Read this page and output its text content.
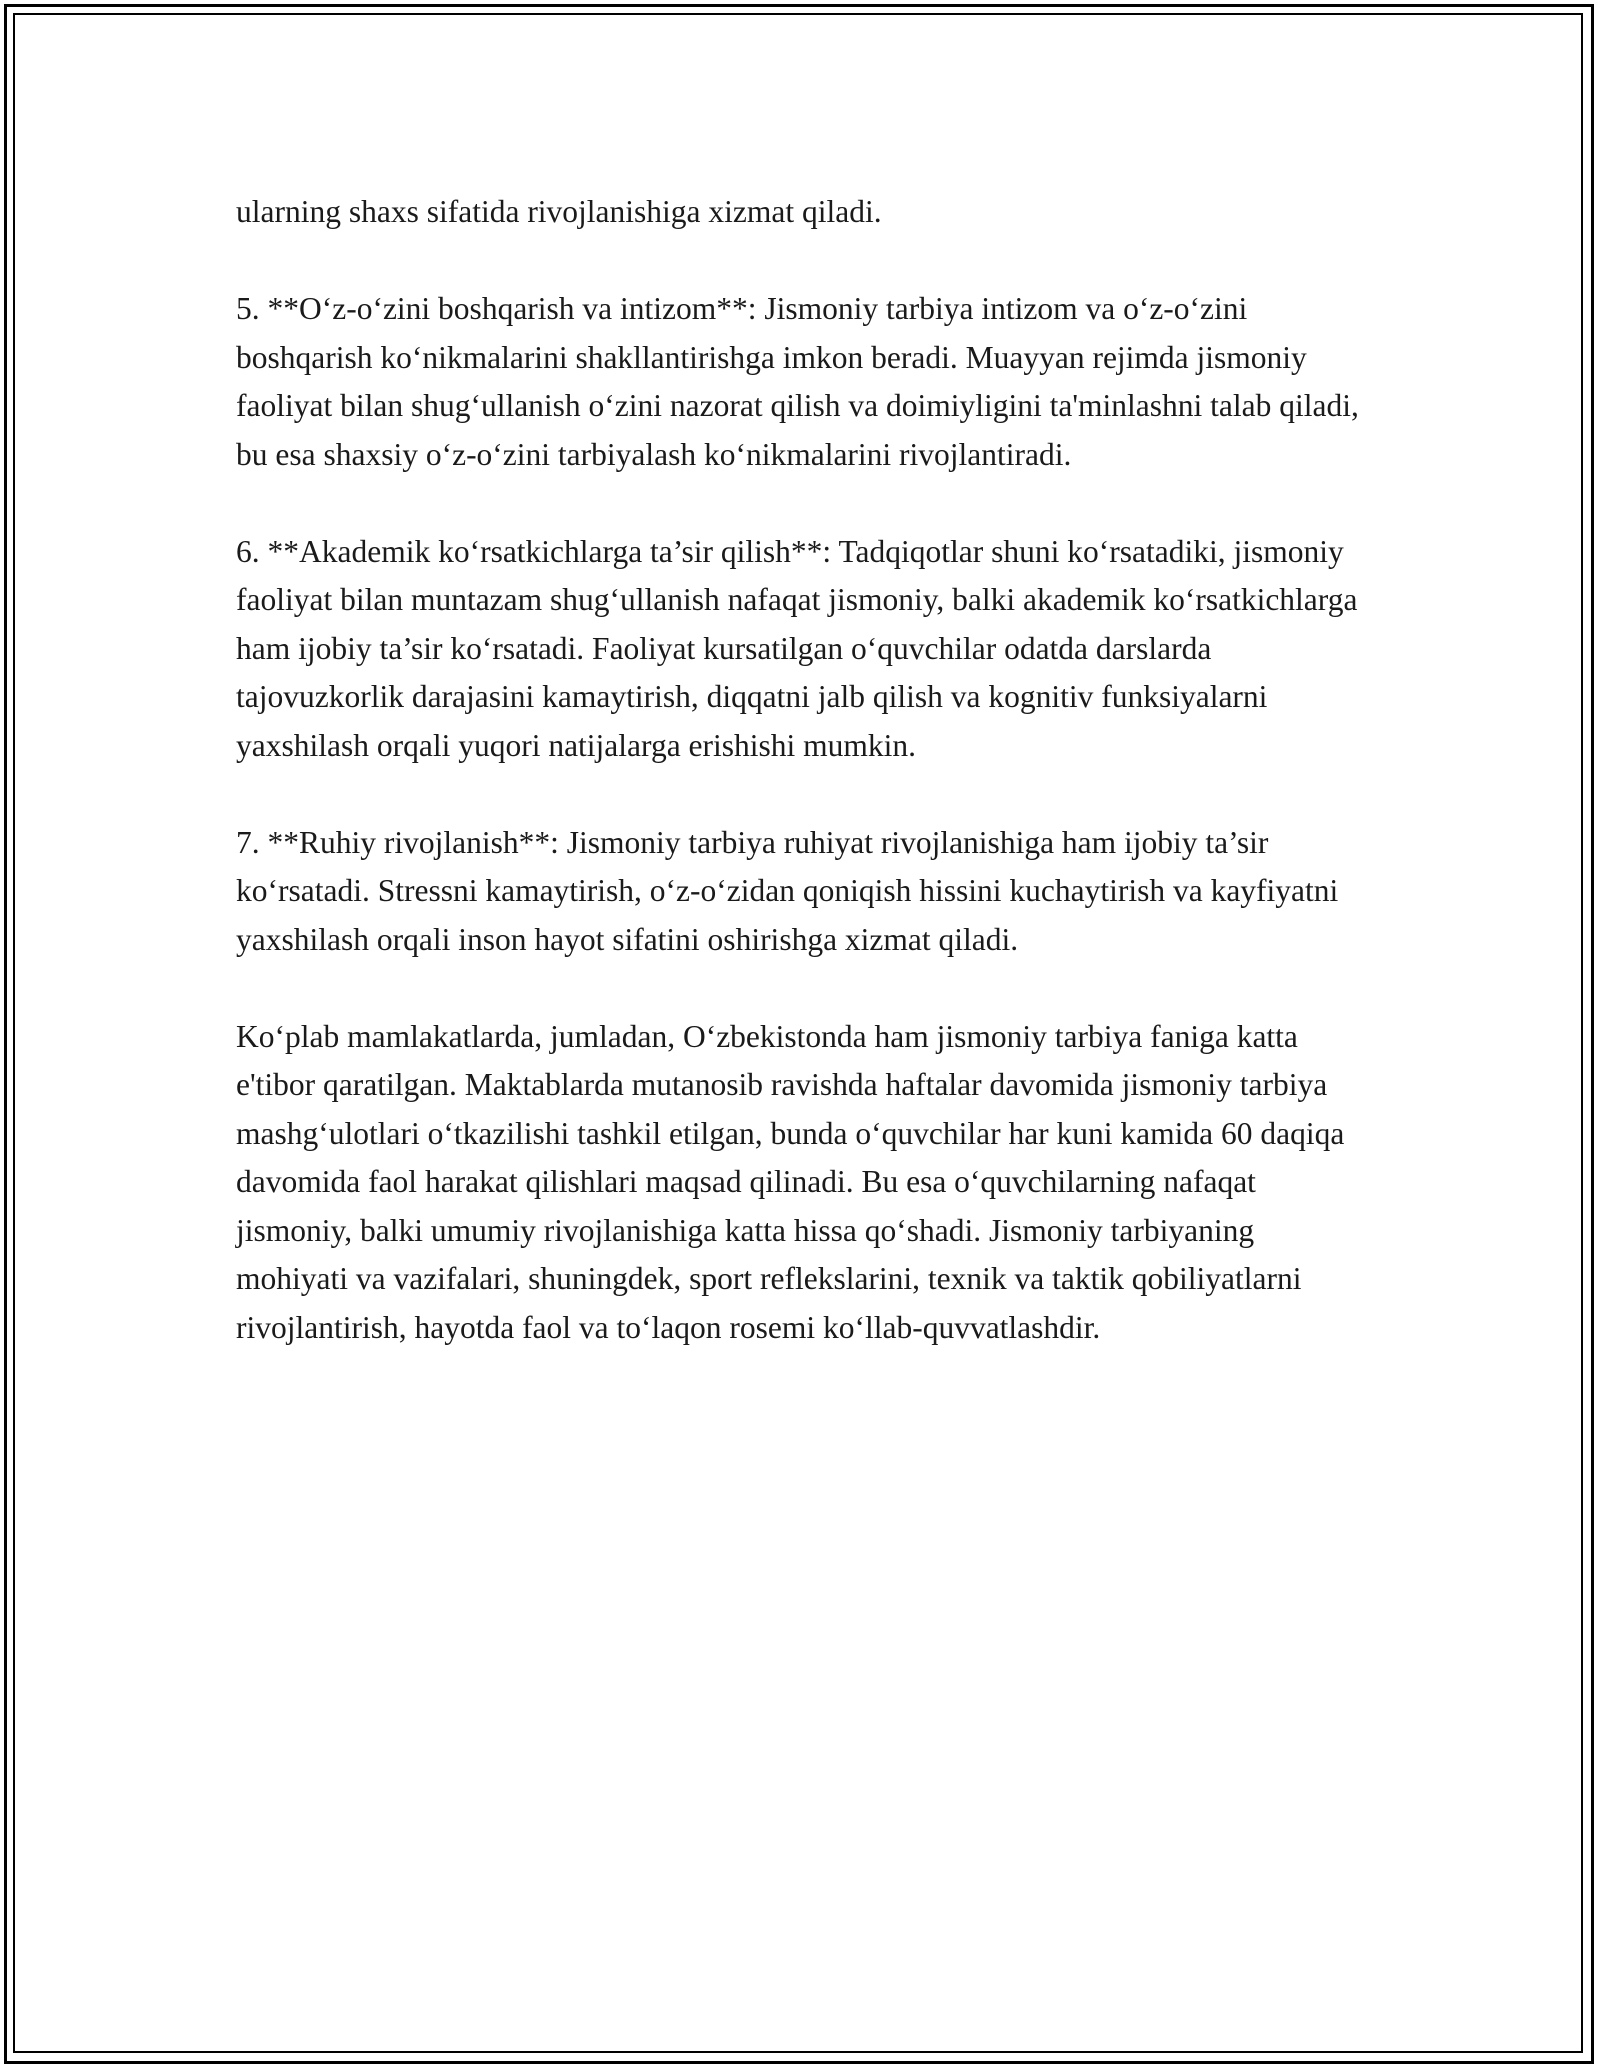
ularning shaxs sifatida rivojlanishiga xizmat qiladi.

5. **O‘z-o‘zini boshqarish va intizom**: Jismoniy tarbiya intizom va o‘z-o‘zini boshqarish ko‘nikmalarini shakllantirishga imkon beradi. Muayyan rejimda jismoniy faoliyat bilan shug‘ullanish o‘zini nazorat qilish va doimiyligini ta'minlashni talab qiladi, bu esa shaxsiy o‘z-o‘zini tarbiyalash ko‘nikmalarini rivojlantiradi.

6. **Akademik ko‘rsatkichlarga ta’sir qilish**: Tadqiqotlar shuni ko‘rsatadiki, jismoniy faoliyat bilan muntazam shug‘ullanish nafaqat jismoniy, balki akademik ko‘rsatkichlarga ham ijobiy ta’sir ko‘rsatadi. Faoliyat kursatilgan o‘quvchilar odatda darslarda tajovuzkorlik darajasini kamaytirish, diqqatni jalb qilish va kognitiv funksiyalarni yaxshilash orqali yuqori natijalarga erishishi mumkin.

7. **Ruhiy rivojlanish**: Jismoniy tarbiya ruhiyat rivojlanishiga ham ijobiy ta’sir ko‘rsatadi. Stressni kamaytirish, o‘z-o‘zidan qoniqish hissini kuchaytirish va kayfiyatni yaxshilash orqali inson hayot sifatini oshirishga xizmat qiladi.

Ko‘plab mamlakatlarda, jumladan, O‘zbekistonda ham jismoniy tarbiya faniga katta e'tibor qaratilgan. Maktablarda mutanosib ravishda haftalar davomida jismoniy tarbiya mashg‘ulotlari o‘tkazilishi tashkil etilgan, bunda o‘quvchilar har kuni kamida 60 daqiqa davomida faol harakat qilishlari maqsad qilinadi. Bu esa o‘quvchilarning nafaqat jismoniy, balki umumiy rivojlanishiga katta hissa qo‘shadi. Jismoniy tarbiyaning mohiyati va vazifalari, shuningdek, sport reflekslarini, texnik va taktik qobiliyatlarni rivojlantirish, hayotda faol va to‘laqon rosemi ko‘llab-quvvatlashdir.
